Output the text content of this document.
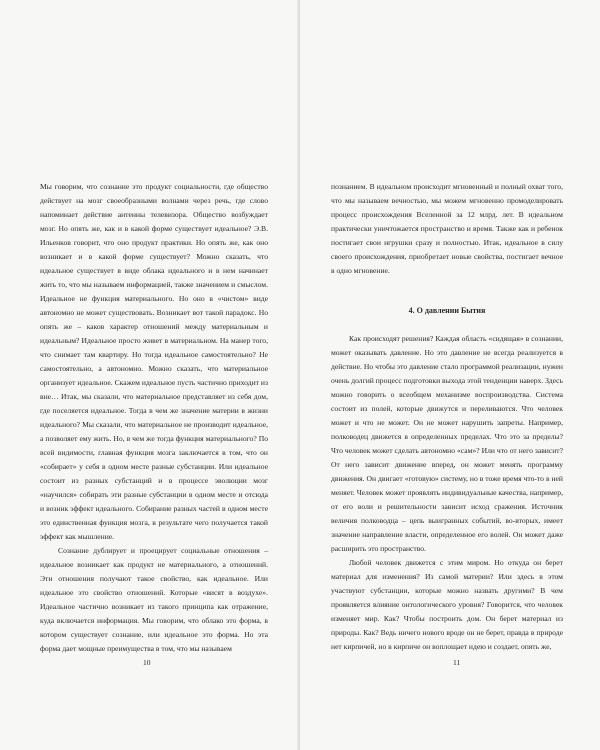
Мы говорим, что сознание это продукт социальности, где общество действует на мозг своеобразными волнами через речь, где слово напоминает действие антенны телевизора. Общество возбуждает мозг. Но опять же, как и в какой форме существует идеальное? Э.В. Ильенков говорит, что оно продукт практики. Но опять же, как оно возникает и в какой форме существует? Можно сказать, что идеальное существует в виде облака идеального и в нем начинает жить то, что мы называем информацией, также значением и смыслом. Идеальное не функция материального. Но оно в «чистом» виде автономно не может существовать. Возникает вот такой парадокс. Но опять же – каков характер отношений между материальным и идеальным? Идеальное просто живет в материальном. На манер того, что снимает там квартиру. Но тогда идеальное самостоятельно? Не самостоятельно, а автономно. Можно сказать, что материальное организует идеальное. Скажем идеальное пусть частично приходит из вне… Итак, мы сказали, что материальное представляет из себя дом, где поселяется идеальное. Тогда в чем же значение материи в жизни идеального? Мы сказали, что материальное не производит идеальное, а позволяет ему жить. Но, в чем же тогда функция материального? По всей видимости, главная функция мозга заключается в том, что он «собирает» у себя в одном месте разные субстанции. Или идеальное состоит из разных субстанций и в процессе эволюции мозг «научился» собирать эти разные субстанции в одном месте и отсюда и возник эффект идеального. Собирание разных частей в одном месте это единственная функция мозга, в результате чего получается такой эффект как мышление.

Сознание дублирует и проецирует социальные отношения – идеальное возникает как продукт не материального, а отношений. Эти отношения получают такое свойство, как идеальное. Или идеальное это свойство отношений. Которые «висят в воздухе». Идеальное частично возникает из такого принципа как отражение, куда включается информация. Мы говорим, что облако это форма, в котором существует сознание, или идеальное это форма. Но эта форма дает мощные преимущества в том, что мы называем

10

познанием. В идеальном происходит мгновенный и полный охват того, что мы называем вечностью, мы можем мгновенно промоделировать процесс происхождения Вселенной за 12 млрд. лет. В идеальном практически уничтожается пространство и время. Также как и ребенок постигает свои игрушки сразу и полностью. Итак, идеальное в силу своего происхождения, приобретает новые свойства, постигает вечное в одно мгновение.

4. О давлении Бытия

Как происходят решения? Каждая область «сидящая» в сознании, может оказывать давление. Но это давление не всегда реализуется в действие. Но чтобы это давление стало программой реализации, нужен очень долгий процесс подготовки выхода этой тенденции наверх. Здесь можно говорить о всеобщем механизме воспроизводства. Система состоит из полей, которые движутся и переливаются. Что человек может и что не может. Он не может нарушить запреты. Например, полководец движется в определенных пределах. Что это за пределы? Что человек может сделать автономно «сам»? Или что от него зависит? От него зависит движение вперед, он может менять программу движения. Он двигает «готовую» систему, но в тоже время что-то в ней меняет. Человек может проявлять индивидуальные качества, например, от его воли и решительности зависит исход сражения. Источник величия полководца – цепь выигранных событий, во-вторых, имеет значение направление власти, определенное его волей. Он может даже расширить это пространство.

Любой человек движется с этим миром. Но откуда он берет материал для изменения? Из самой материи? Или здесь в этом участвуют субстанции, которые можно назвать другими? В чем проявляется влияние онтологического уровня? Говорится, что человек изменяет мир. Как? Чтобы построить дом. Он берет материал из природы. Как? Ведь ничего нового вроде он не берет, правда в природе нет кирпичей, но в кирпиче он воплощает идею и создает, опять же,

11
